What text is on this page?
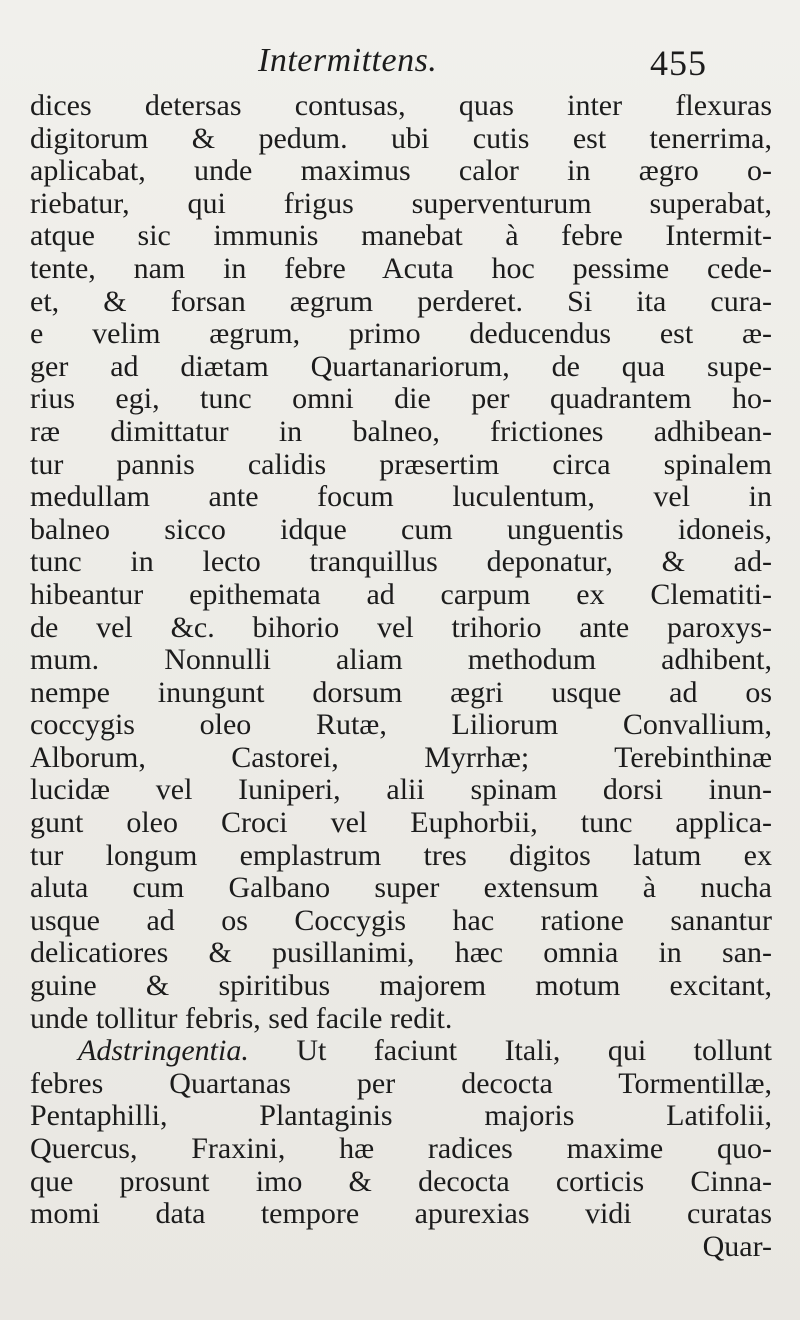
Intermittens.	455
dices detersas contusas, quas inter flexuras
digitorum & pedum. ubi cutis est tenerrima,
aplicabat, unde maximus calor in ægro o-
riebatur, qui frigus superventurum superabat,
atque sic immunis manebat à febre Intermit-
tente, nam in febre Acuta hoc pessime cede-
et, & forsan ægrum perderet. Si ita cura-
e velim ægrum, primo deducendus est æ-
ger ad diætam Quartanariorum, de qua supe-
rius egi, tunc omni die per quadrantem ho-
ræ dimittatur in balneo, frictiones adhibean-
tur pannis calidis præsertim circa spinalem
medullam ante focum luculentum, vel in
balneo sicco idque cum unguentis idoneis,
tunc in lecto tranquillus deponatur, & ad-
hibeantur epithemata ad carpum ex Clematiti-
de vel &c. bihorio vel trihorio ante paroxys-
mum. Nonnulli aliam methodum adhibent,
nempe inungunt dorsum ægri usque ad os
coccygis oleo Rutæ, Liliorum Convallium,
Alborum, Castorei, Myrrhæ; Terebinthinæ
lucidæ vel Iuniperi, alii spinam dorsi inun-
gunt oleo Croci vel Euphorbii, tunc applica-
tur longum emplastrum tres digitos latum ex
aluta cum Galbano super extensum à nucha
usque ad os Coccygis hac ratione sanantur
delicatiores & pusillanimi, hæc omnia in san-
guine & spiritibus majorem motum excitant,
unde tollitur febris, sed facile redit.
Adstringentia. Ut faciunt Itali, qui tollunt
febres Quartanas per decocta Tormentillæ,
Pentaphilli, Plantaginis majoris Latifolii,
Quercus, Fraxini, hæ radices maxime quo-
que prosunt imo & decocta corticis Cinna-
momi data tempore apurexias vidi curatas
Quar-
